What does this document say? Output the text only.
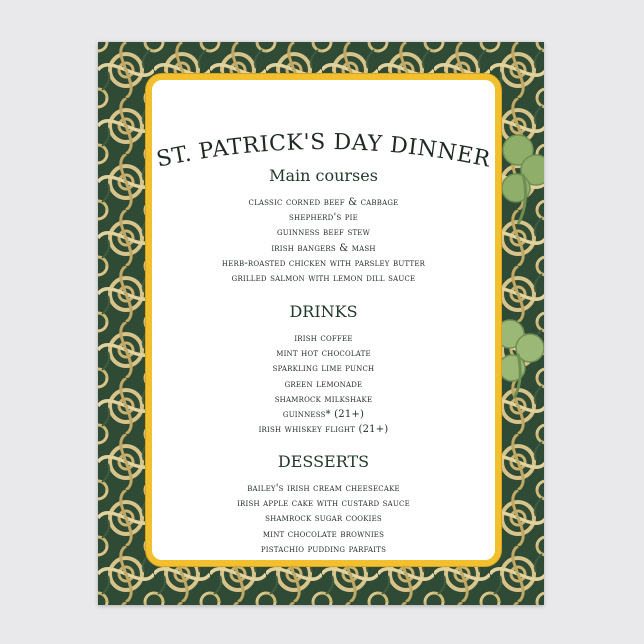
ST. PATRICK'S DAY DINNER
Main courses
classic corned beef & cabbage
shepherd's pie
guinness beef stew
irish bangers & mash
herb-roasted chicken with parsley butter
grilled salmon with lemon dill sauce
DRINKS
irish coffee
mint hot chocolate
sparkling lime punch
green lemonade
shamrock milkshake
guinness* (21+)
irish whiskey flight (21+)
DESSERTS
bailey's irish cream cheesecake
irish apple cake with custard sauce
shamrock sugar cookies
mint chocolate brownies
pistachio pudding parfaits
